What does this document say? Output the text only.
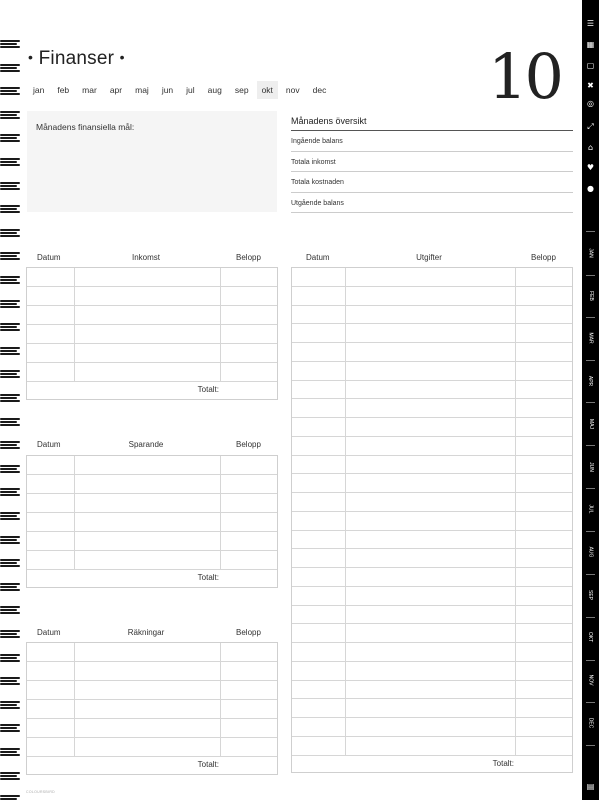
• Finanser •	10
jan	feb	mar	apr	maj	jun	jul	aug	sep	okt	nov	dec
Månadens finansiella mål:
Månadens översikt
Ingående balans
Totala inkomst
Totala kostnaden
Utgående balans
Datum	Inkomst	Belopp
Totalt:
Datum	Sparande	Belopp
Totalt:
Datum	Räkningar	Belopp
Totalt:
Datum	Utgifter	Belopp
Totalt:
☰
▦
▢
✖
◎
⤢
⌂
♥
●
▤
JAN
FEB
MAR
APR
MAJ
JUN
JUL
AUG
SEP
OKT
NOV
DEC
COLOURSBIRD
